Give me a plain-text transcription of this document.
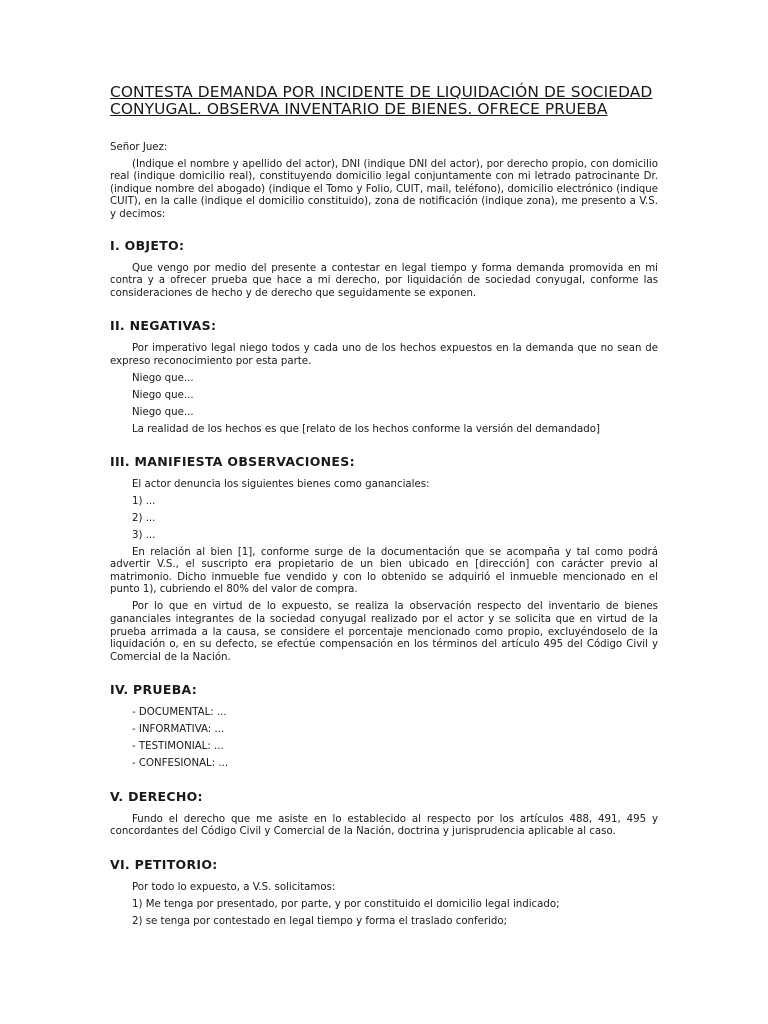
CONTESTA DEMANDA POR INCIDENTE DE LIQUIDACIÓN DE SOCIEDAD CONYUGAL. OBSERVA INVENTARIO DE BIENES. OFRECE PRUEBA
Señor Juez:

(Indique el nombre y apellido del actor), DNI (indique DNI del actor), por derecho propio, con domicilio real (indique domicilio real), constituyendo domicilio legal conjuntamente con mi letrado patrocinante Dr. (indique nombre del abogado) (indique el Tomo y Folio, CUIT, mail, teléfono), domicilio electrónico (indique CUIT), en la calle (indique el domicilio constituido), zona de notificación (indique zona), me presento a V.S. y decimos:

I. OBJETO:

Que vengo por medio del presente a contestar en legal tiempo y forma demanda promovida en mi contra y a ofrecer prueba que hace a mi derecho, por liquidación de sociedad conyugal, conforme las consideraciones de hecho y de derecho que seguidamente se exponen.

II. NEGATIVAS:

Por imperativo legal niego todos y cada uno de los hechos expuestos en la demanda que no sean de expreso reconocimiento por esta parte.

Niego que...
Niego que...
Niego que...
La realidad de los hechos es que [relato de los hechos conforme la versión del demandado]
III. MANIFIESTA OBSERVACIONES:
El actor denuncia los siguientes bienes como gananciales:
1) ...
2) ...
3) ...

En relación al bien [1], conforme surge de la documentación que se acompaña y tal como podrá advertir V.S., el suscripto era propietario de un bien ubicado en [dirección] con carácter previo al matrimonio. Dicho inmueble fue vendido y con lo obtenido se adquirió el inmueble mencionado en el punto 1), cubriendo el 80% del valor de compra.

Por lo que en virtud de lo expuesto, se realiza la observación respecto del inventario de bienes gananciales integrantes de la sociedad conyugal realizado por el actor y se solicita que en virtud de la prueba arrimada a la causa, se considere el porcentaje mencionado como propio, excluyéndoselo de la liquidación o, en su defecto, se efectúe compensación en los términos del artículo 495 del Código Civil y Comercial de la Nación.

IV. PRUEBA:
- DOCUMENTAL: ...
- INFORMATIVA: ...
- TESTIMONIAL: ...
- CONFESIONAL: ...
V. DERECHO:

Fundo el derecho que me asiste en lo establecido al respecto por los artículos 488, 491, 495 y concordantes del Código Civil y Comercial de la Nación, doctrina y jurisprudencia aplicable al caso.

VI. PETITORIO:
Por todo lo expuesto, a V.S. solicitamos:
1) Me tenga por presentado, por parte, y por constituido el domicilio legal indicado;
2) se tenga por contestado en legal tiempo y forma el traslado conferido;
